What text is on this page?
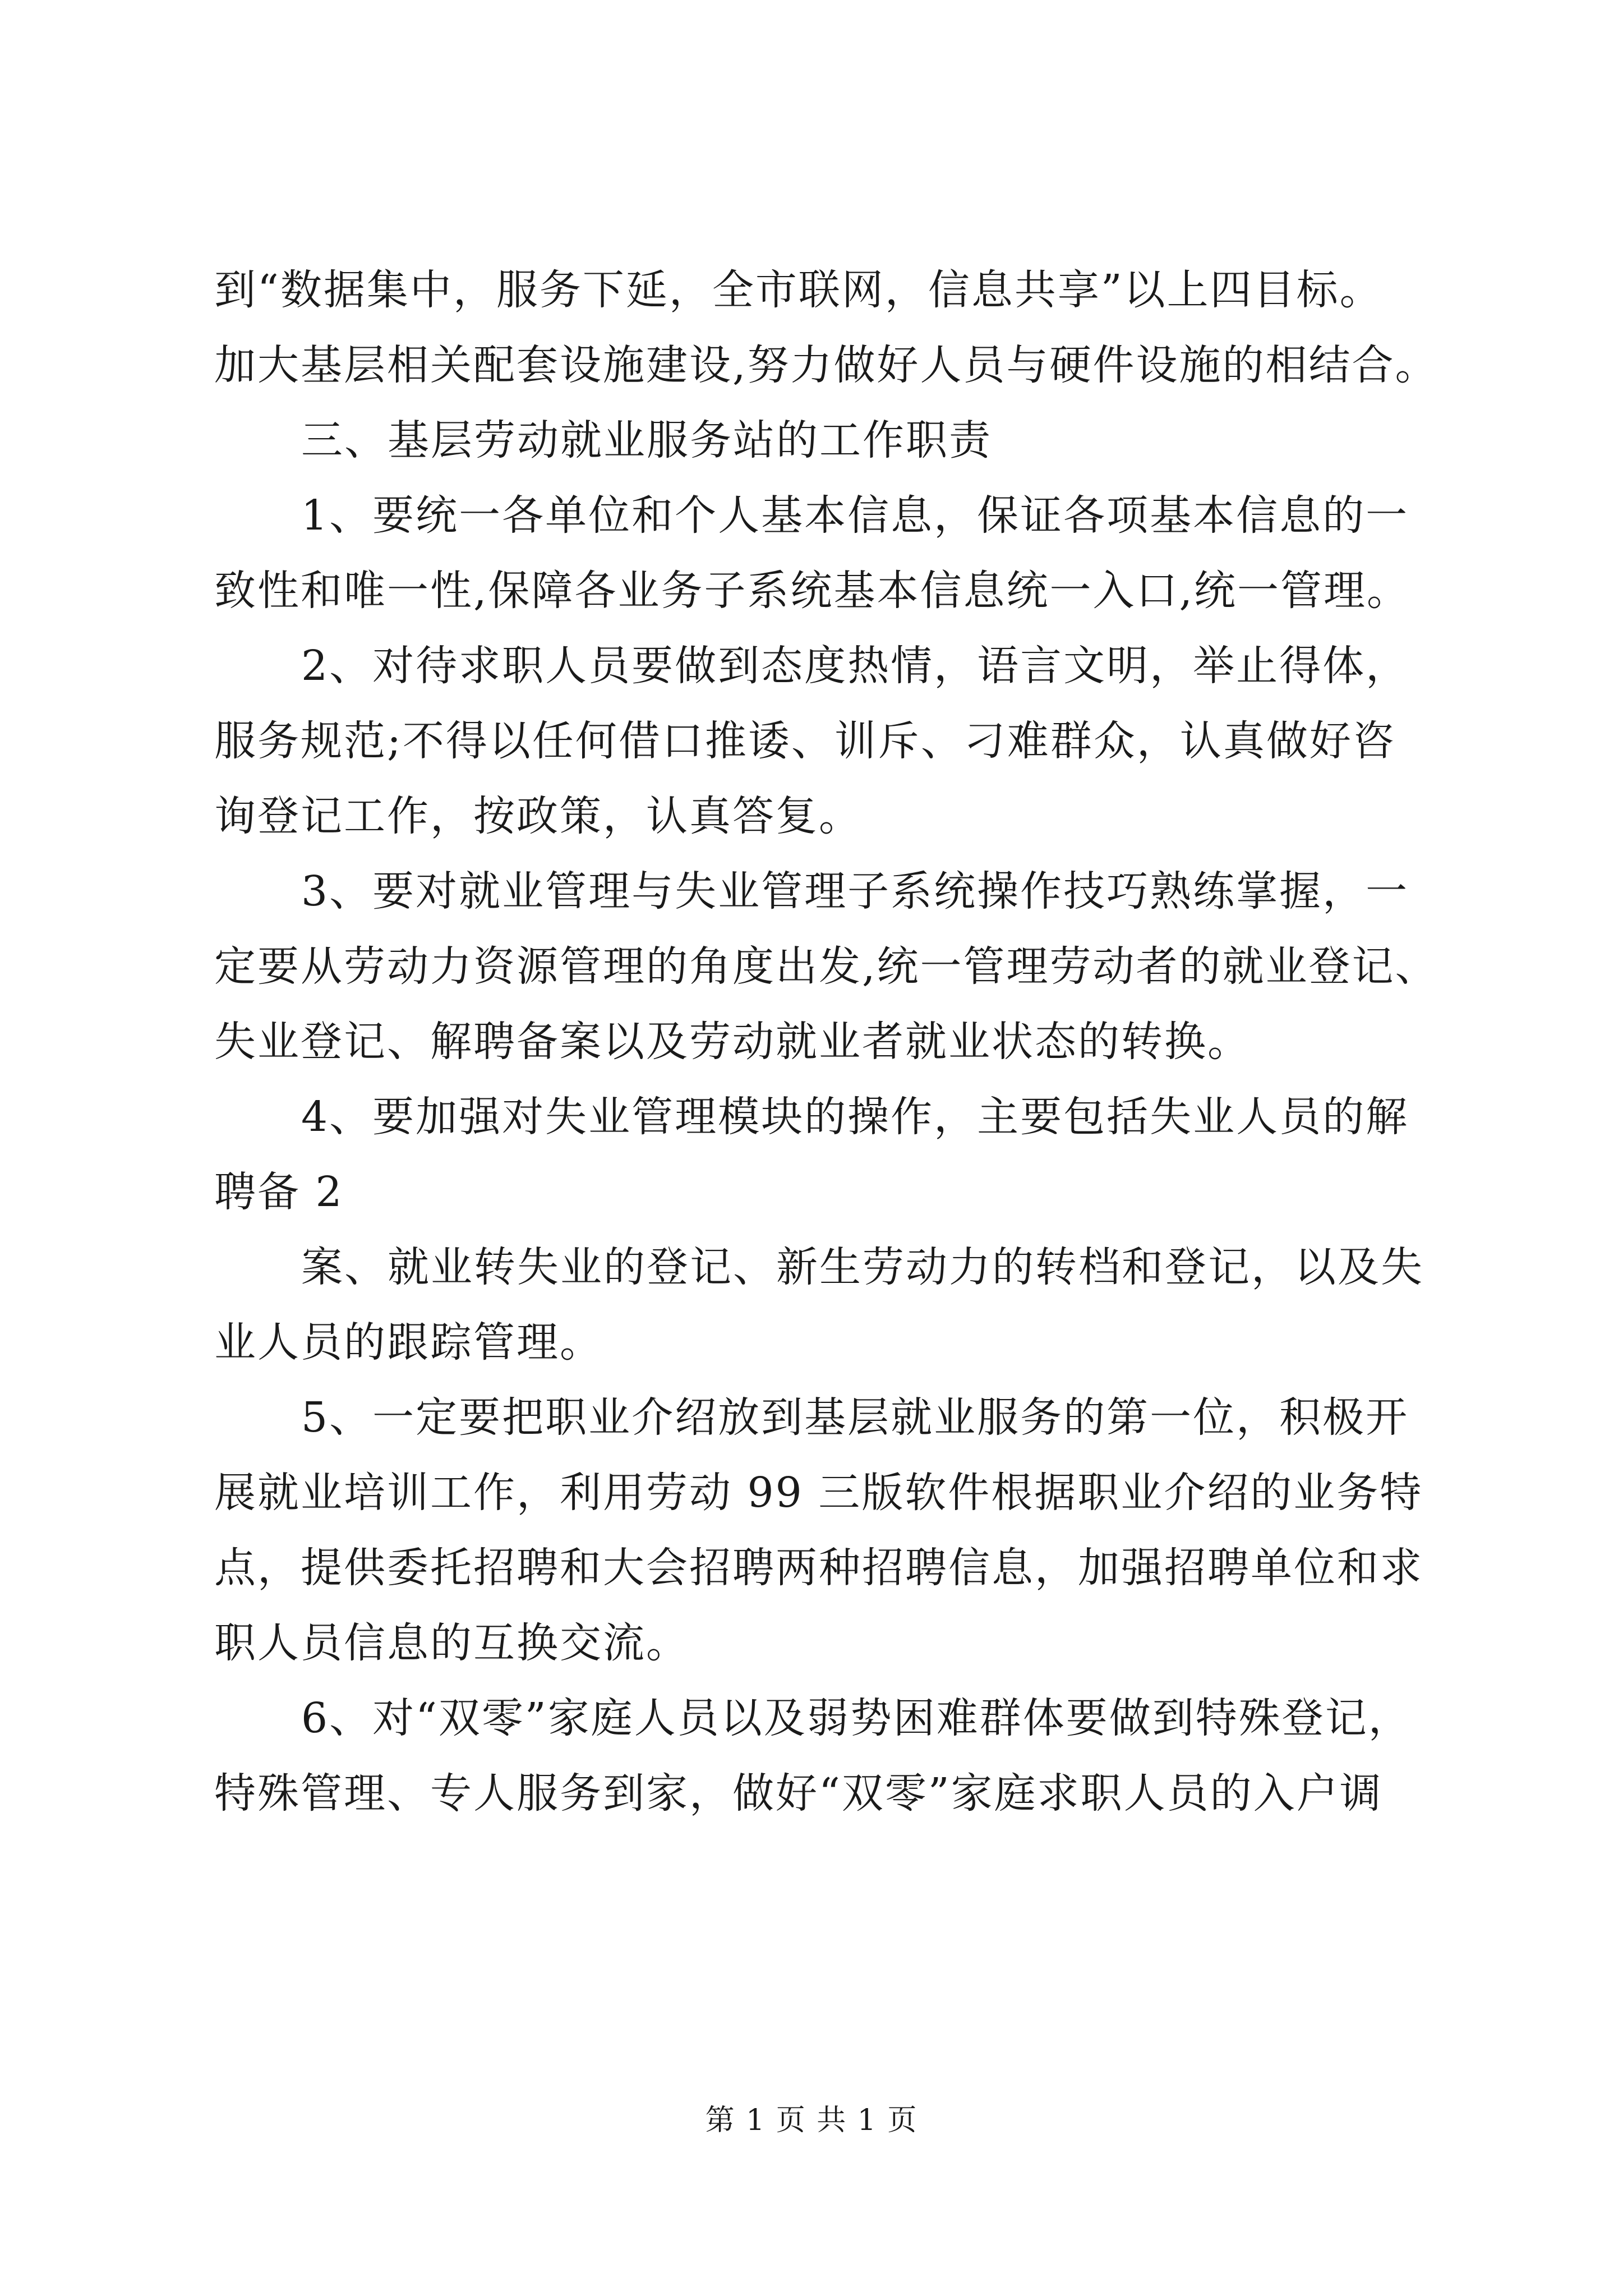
到“数据集中，服务下延，全市联网，信息共享”以上四目标。
加大基层相关配套设施建设,努力做好人员与硬件设施的相结合。
三、基层劳动就业服务站的工作职责
1、要统一各单位和个人基本信息，保证各项基本信息的一
致性和唯一性,保障各业务子系统基本信息统一入口,统一管理。
2、对待求职人员要做到态度热情，语言文明，举止得体，
服务规范;不得以任何借口推诿、训斥、刁难群众，认真做好咨
询登记工作，按政策，认真答复。
3、要对就业管理与失业管理子系统操作技巧熟练掌握，一
定要从劳动力资源管理的角度出发,统一管理劳动者的就业登记、
失业登记、解聘备案以及劳动就业者就业状态的转换。
4、要加强对失业管理模块的操作，主要包括失业人员的解
聘备 2
案、就业转失业的登记、新生劳动力的转档和登记，以及失
业人员的跟踪管理。
5、一定要把职业介绍放到基层就业服务的第一位，积极开
展就业培训工作，利用劳动 99 三版软件根据职业介绍的业务特
点，提供委托招聘和大会招聘两种招聘信息，加强招聘单位和求
职人员信息的互换交流。
6、对“双零”家庭人员以及弱势困难群体要做到特殊登记，
特殊管理、专人服务到家，做好“双零”家庭求职人员的入户调
第 1 页 共 1 页
